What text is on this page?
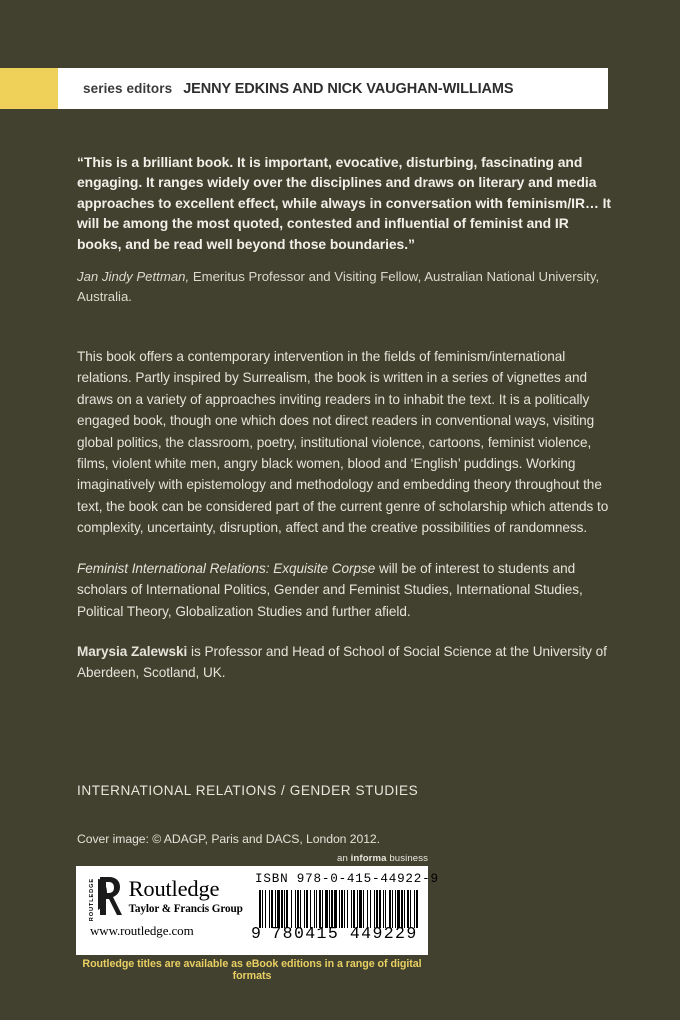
series editors JENNY EDKINS AND NICK VAUGHAN-WILLIAMS

“This is a brilliant book. It is important, evocative, disturbing, fascinating and engaging. It ranges widely over the disciplines and draws on literary and media approaches to excellent effect, while always in conversation with feminism/IR… It will be among the most quoted, contested and influential of feminist and IR books, and be read well beyond those boundaries.”

Jan Jindy Pettman, Emeritus Professor and Visiting Fellow, Australian National University, Australia.

This book offers a contemporary intervention in the fields of feminism/international relations. Partly inspired by Surrealism, the book is written in a series of vignettes and draws on a variety of approaches inviting readers in to inhabit the text. It is a politically engaged book, though one which does not direct readers in conventional ways, visiting global politics, the classroom, poetry, institutional violence, cartoons, feminist violence, films, violent white men, angry black women, blood and ‘English’ puddings. Working imaginatively with epistemology and methodology and embedding theory throughout the text, the book can be considered part of the current genre of scholarship which attends to complexity, uncertainty, disruption, affect and the creative possibilities of randomness.

Feminist International Relations: Exquisite Corpse will be of interest to students and scholars of International Politics, Gender and Feminist Studies, International Studies, Political Theory, Globalization Studies and further afield.

Marysia Zalewski is Professor and Head of School of Social Science at the University of Aberdeen, Scotland, UK.

INTERNATIONAL RELATIONS / GENDER STUDIES
Cover image: © ADAGP, Paris and DACS, London 2012.
an informa business
ROUTLEDGE Routledge
Taylor & Francis Group
www.routledge.com
ISBN 978-0-415-44922-9
9 780415 449229
Routledge titles are available as eBook editions in a range of digital formats
